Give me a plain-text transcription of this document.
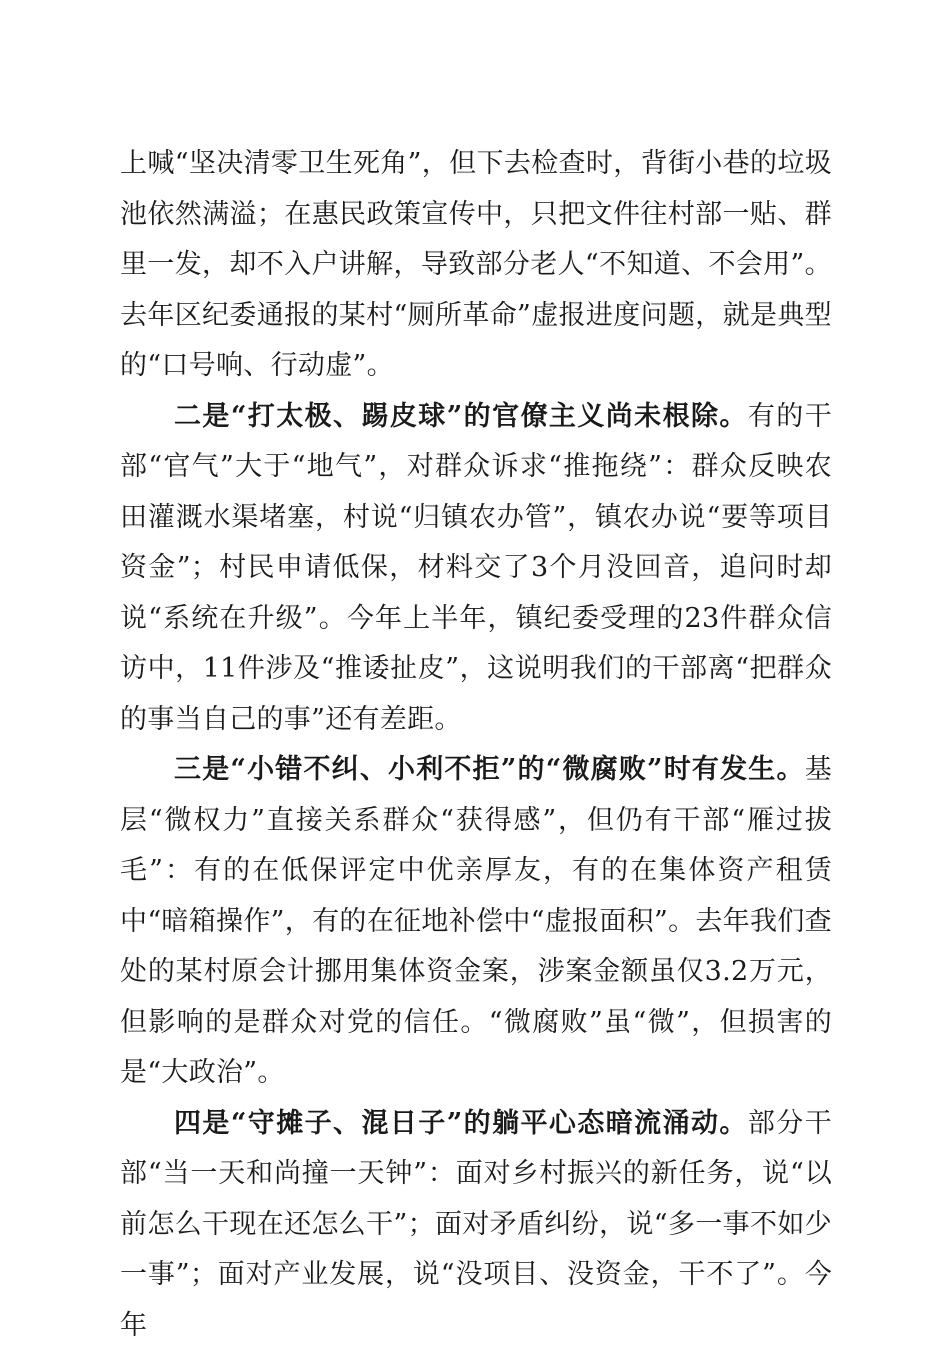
上喊“坚决清零卫生死角”，但下去检查时，背街小巷的垃圾池依然满溢；在惠民政策宣传中，只把文件往村部一贴、群里一发，却不入户讲解，导致部分老人“不知道、不会用”。去年区纪委通报的某村“厕所革命”虚报进度问题，就是典型的“口号响、行动虚”。

二是“打太极、踢皮球”的官僚主义尚未根除。有的干部“官气”大于“地气”，对群众诉求“推拖绕”：群众反映农田灌溉水渠堵塞，村说“归镇农办管”，镇农办说“要等项目资金”；村民申请低保，材料交了3个月没回音，追问时却说“系统在升级”。今年上半年，镇纪委受理的23件群众信访中，11件涉及“推诿扯皮”，这说明我们的干部离“把群众的事当自己的事”还有差距。

三是“小错不纠、小利不拒”的“微腐败”时有发生。基层“微权力”直接关系群众“获得感”，但仍有干部“雁过拔毛”：有的在低保评定中优亲厚友，有的在集体资产租赁中“暗箱操作”，有的在征地补偿中“虚报面积”。去年我们查处的某村原会计挪用集体资金案，涉案金额虽仅3.2万元，但影响的是群众对党的信任。“微腐败”虽“微”，但损害的是“大政治”。

四是“守摊子、混日子”的躺平心态暗流涌动。部分干部“当一天和尚撞一天钟”：面对乡村振兴的新任务，说“以前怎么干现在还怎么干”；面对矛盾纠纷，说“多一事不如少一事”；面对产业发展，说“没项目、没资金，干不了”。今年
